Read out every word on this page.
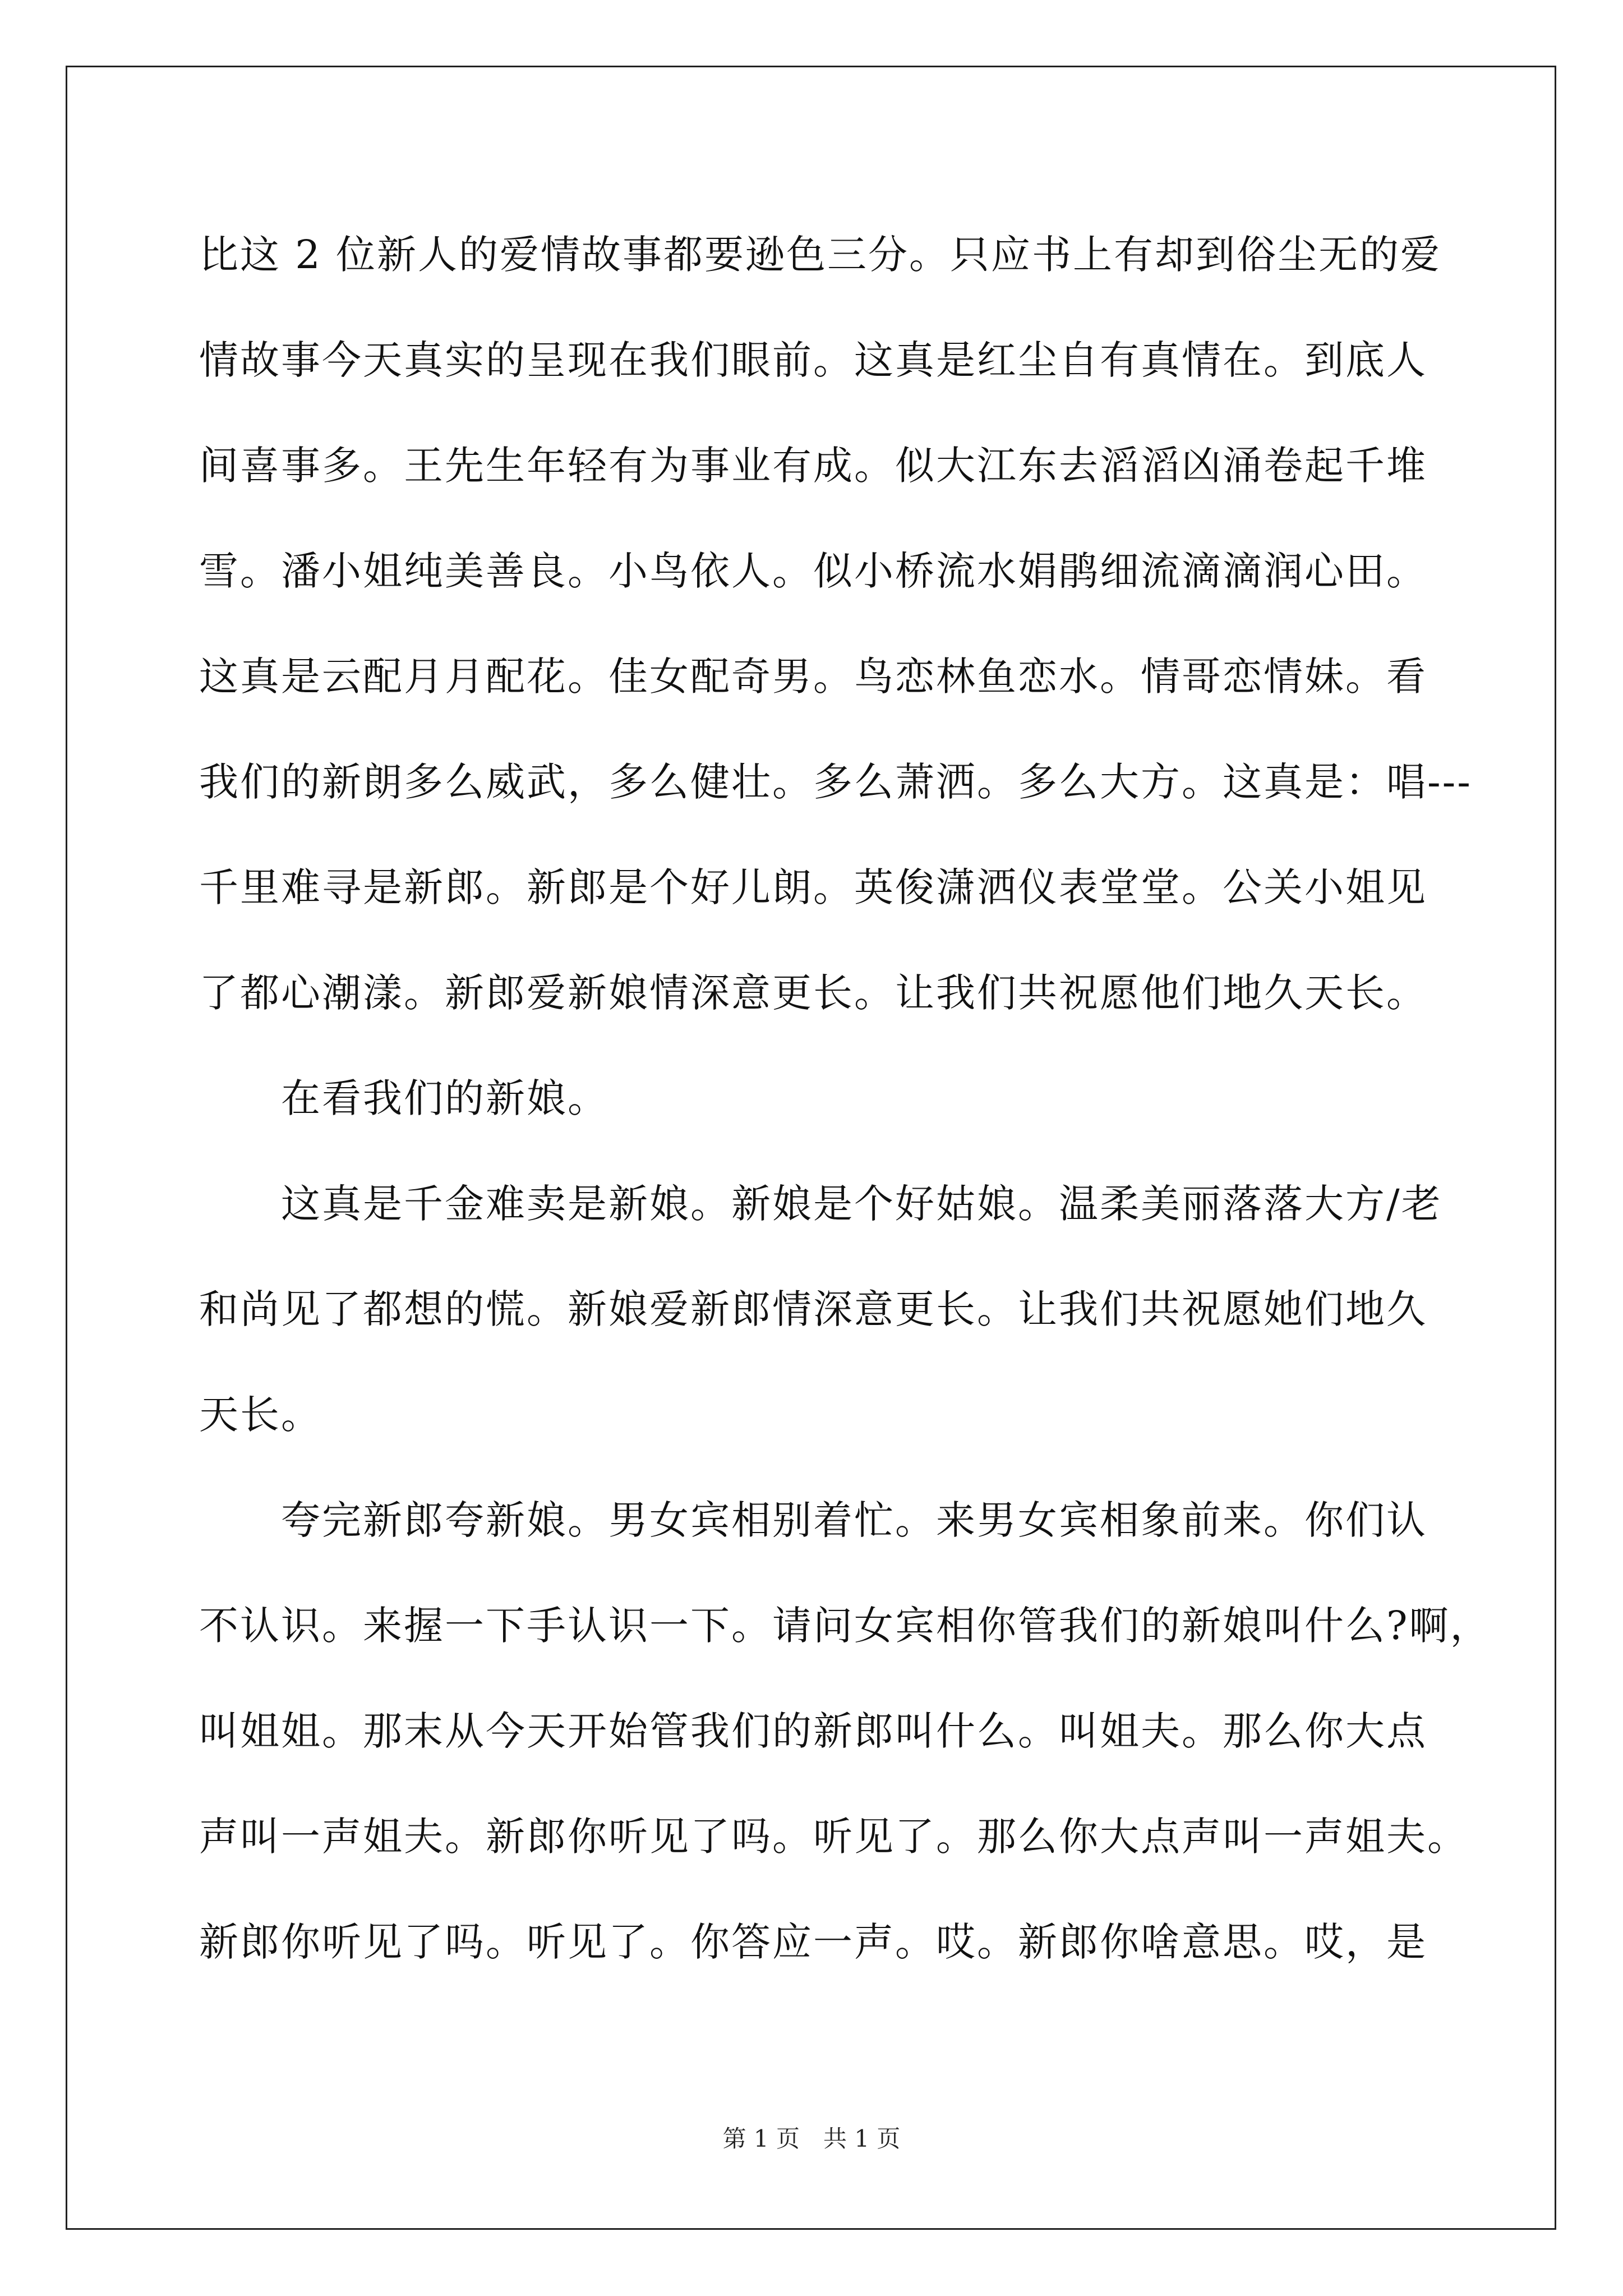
比这 2 位新人的爱情故事都要逊色三分。只应书上有却到俗尘无的爱

情故事今天真实的呈现在我们眼前。这真是红尘自有真情在。到底人

间喜事多。王先生年轻有为事业有成。似大江东去滔滔凶涌卷起千堆

雪。潘小姐纯美善良。小鸟依人。似小桥流水娟鹃细流滴滴润心田。

这真是云配月月配花。佳女配奇男。鸟恋林鱼恋水。情哥恋情妹。看

我们的新朗多么威武，多么健壮。多么萧洒。多么大方。这真是：唱---

千里难寻是新郎。新郎是个好儿朗。英俊潇洒仪表堂堂。公关小姐见

了都心潮漾。新郎爱新娘情深意更长。让我们共祝愿他们地久天长。

在看我们的新娘。

这真是千金难卖是新娘。新娘是个好姑娘。温柔美丽落落大方/老

和尚见了都想的慌。新娘爱新郎情深意更长。让我们共祝愿她们地久

天长。

夸完新郎夸新娘。男女宾相别着忙。来男女宾相象前来。你们认

不认识。来握一下手认识一下。请问女宾相你管我们的新娘叫什么?啊，

叫姐姐。那末从今天开始管我们的新郎叫什么。叫姐夫。那么你大点

声叫一声姐夫。新郎你听见了吗。听见了。那么你大点声叫一声姐夫。

新郎你听见了吗。听见了。你答应一声。哎。新郎你啥意思。哎，是

第 1 页　共 1 页
